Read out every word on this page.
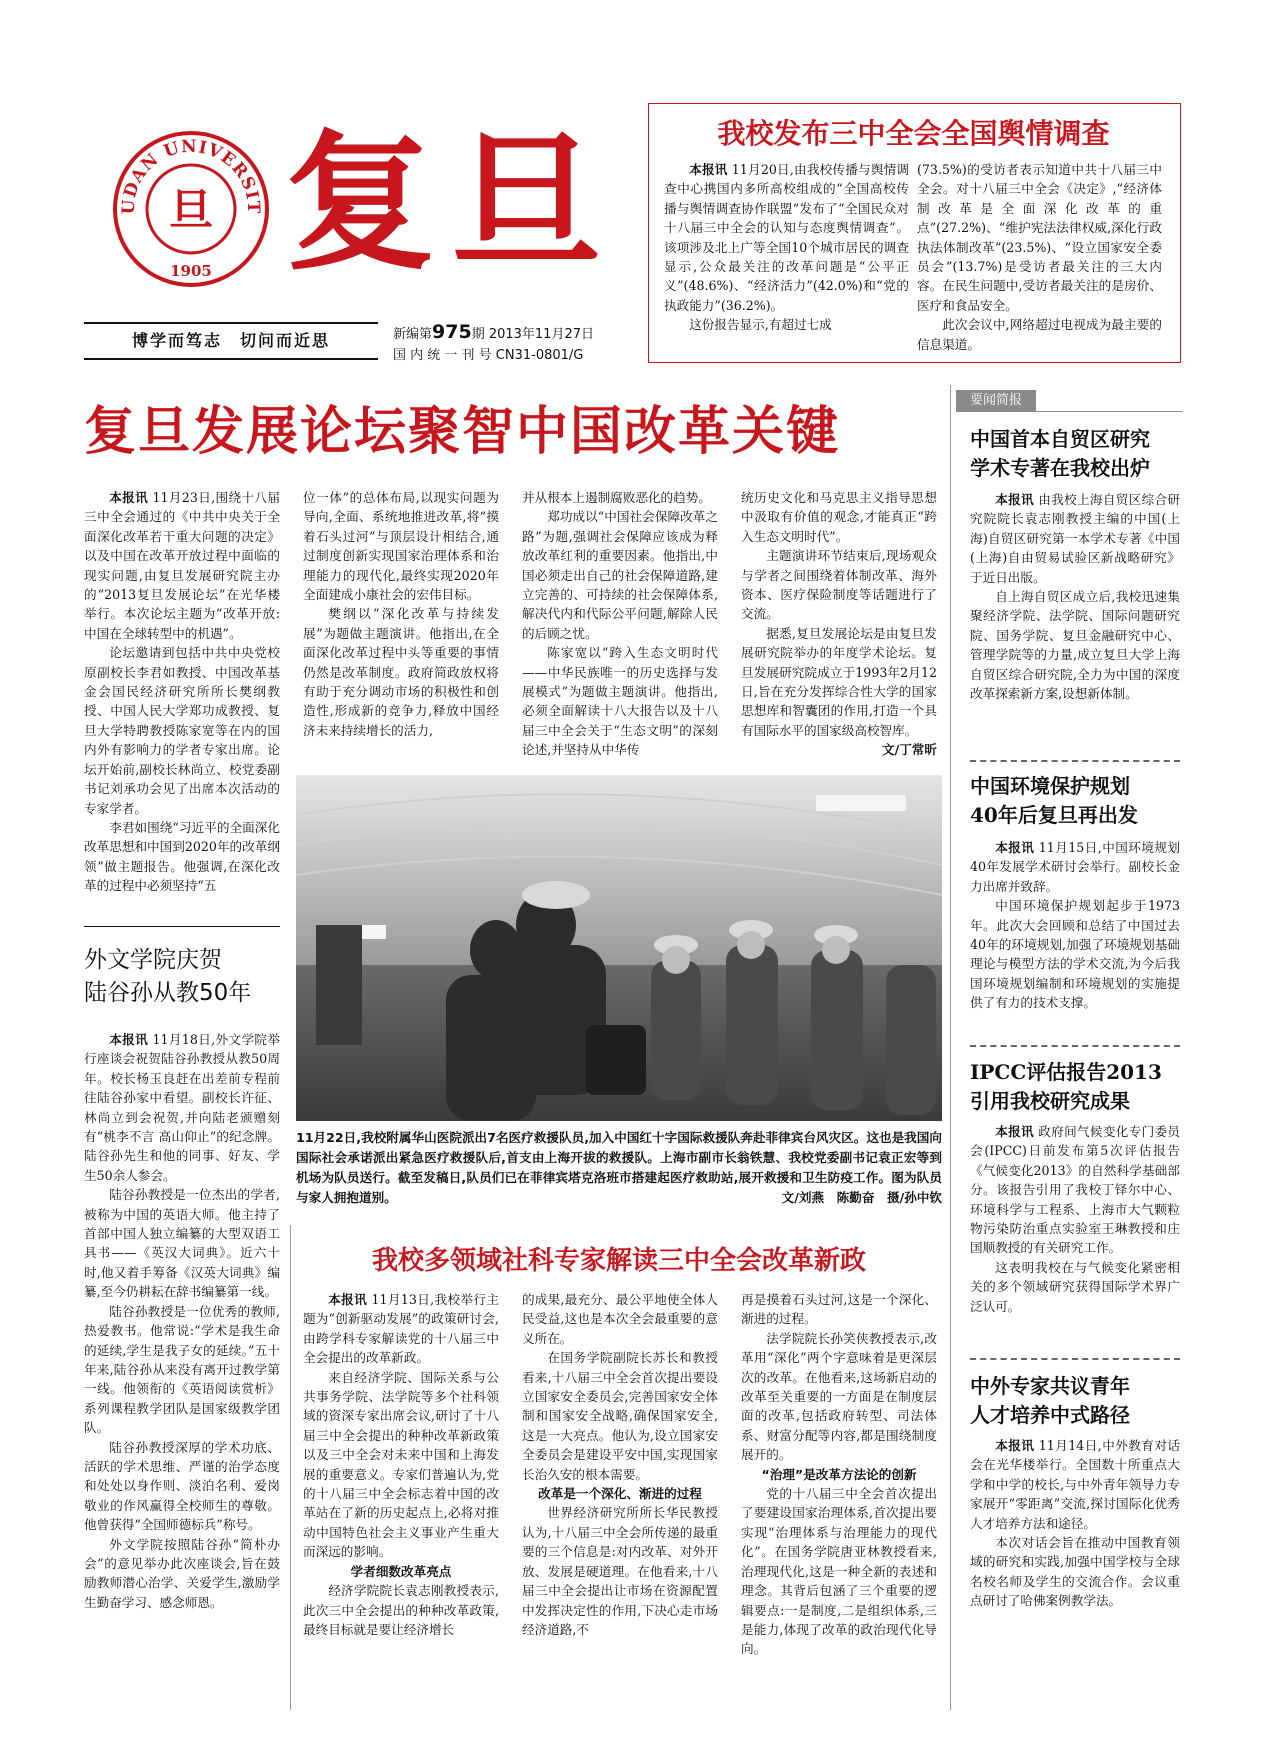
UDAN UNIVERSIT
旦
1905 复旦
博学而笃志　切问而近思	新编第975期 2013年11月27日
国 内 统 一 刊 号 CN31-0801/G
我校发布三中全会全国舆情调查

本报讯 11月20日,由我校传播与舆情调查中心携国内多所高校组成的“全国高校传播与舆情调查协作联盟”发布了“全国民众对十八届三中全会的认知与态度舆情调查”。该项涉及北上广等全国10个城市居民的调查显示,公众最关注的改革问题是“公平正义”(48.6%)、“经济活力”(42.0%)和“党的执政能力”(36.2%)。

这份报告显示,有超过七成

(73.5%)的受访者表示知道中共十八届三中全会。对十八届三中全会《决定》,“经济体制改革是全面深化改革的重点”(27.2%)、“维护宪法法律权威,深化行政执法体制改革”(23.5%)、“设立国家安全委员会”(13.7%)是受访者最关注的三大内容。在民生问题中,受访者最关注的是房价、医疗和食品安全。

此次会议中,网络超过电视成为最主要的信息渠道。

复旦发展论坛聚智中国改革关键

本报讯 11月23日,围绕十八届三中全会通过的《中共中央关于全面深化改革若干重大问题的决定》以及中国在改革开放过程中面临的现实问题,由复旦发展研究院主办的“2013复旦发展论坛”在光华楼举行。本次论坛主题为“改革开放:中国在全球转型中的机遇”。

论坛邀请到包括中共中央党校原副校长李君如教授、中国改革基金会国民经济研究所所长樊纲教授、中国人民大学郑功成教授、复旦大学特聘教授陈家宽等在内的国内外有影响力的学者专家出席。论坛开始前,副校长林尚立、校党委副书记刘承功会见了出席本次活动的专家学者。

李君如围绕“习近平的全面深化改革思想和中国到2020年的改革纲领”做主题报告。他强调,在深化改革的过程中必须坚持“五

位一体”的总体布局,以现实问题为导向,全面、系统地推进改革,将“摸着石头过河”与顶层设计相结合,通过制度创新实现国家治理体系和治理能力的现代化,最终实现2020年全面建成小康社会的宏伟目标。

樊纲以“深化改革与持续发展”为题做主题演讲。他指出,在全面深化改革过程中头等重要的事情仍然是改革制度。政府简政放权将有助于充分调动市场的积极性和创造性,形成新的竞争力,释放中国经济未来持续增长的活力,

并从根本上遏制腐败恶化的趋势。

郑功成以“中国社会保障改革之路”为题,强调社会保障应该成为释放改革红利的重要因素。他指出,中国必须走出自己的社会保障道路,建立完善的、可持续的社会保障体系,解决代内和代际公平问题,解除人民的后顾之忧。

陈家宽以“跨入生态文明时代——中华民族唯一的历史选择与发展模式”为题做主题演讲。他指出,必须全面解读十八大报告以及十八届三中全会关于“生态文明”的深刻论述,并坚持从中华传

统历史文化和马克思主义指导思想中汲取有价值的观念,才能真正“跨入生态文明时代”。

主题演讲环节结束后,现场观众与学者之间围绕着体制改革、海外资本、医疗保险制度等话题进行了交流。

据悉,复旦发展论坛是由复旦发展研究院举办的年度学术论坛。复旦发展研究院成立于1993年2月12日,旨在充分发挥综合性大学的国家思想库和智囊团的作用,打造一个具有国际水平的国家级高校智库。

文/丁常昕

11月22日,我校附属华山医院派出7名医疗救援队员,加入中国红十字国际救援队奔赴菲律宾台风灾区。这也是我国向国际社会承诺派出紧急医疗救援队后,首支由上海开拔的救援队。上海市副市长翁铁慧、我校党委副书记袁正宏等到机场为队员送行。截至发稿日,队员们已在菲律宾塔克洛班市搭建起医疗救助站,展开救援和卫生防疫工作。图为队员与家人拥抱道别。	文/刘燕　陈勤奋　摄/孙中钦
外文学院庆贺
陆谷孙从教50年

本报讯 11月18日,外文学院举行座谈会祝贺陆谷孙教授从教50周年。校长杨玉良赶在出差前专程前往陆谷孙家中看望。副校长许征、林尚立到会祝贺,并向陆老颁赠刻有“桃李不言 高山仰止”的纪念牌。陆谷孙先生和他的同事、好友、学生50余人参会。

陆谷孙教授是一位杰出的学者,被称为中国的英语大师。他主持了首部中国人独立编纂的大型双语工具书——《英汉大词典》。近六十时,他又着手筹备《汉英大词典》编纂,至今仍耕耘在辞书编纂第一线。

陆谷孙教授是一位优秀的教师,热爱教书。他常说:“学术是我生命的延续,学生是我子女的延续。”五十年来,陆谷孙从来没有离开过教学第一线。他领衔的《英语阅读赏析》系列课程教学团队是国家级教学团队。

陆谷孙教授深厚的学术功底、活跃的学术思维、严谨的治学态度和处处以身作则、淡泊名利、爱岗敬业的作风赢得全校师生的尊敬。他曾获得“全国师德标兵”称号。

外文学院按照陆谷孙“简朴办会”的意见举办此次座谈会,旨在鼓励教师潜心治学、关爱学生,激励学生勤奋学习、感念师恩。

我校多领域社科专家解读三中全会改革新政

本报讯 11月13日,我校举行主题为“创新驱动发展”的政策研讨会,由跨学科专家解读党的十八届三中全会提出的改革新政。

来自经济学院、国际关系与公共事务学院、法学院等多个社科领域的资深专家出席会议,研讨了十八届三中全会提出的种种改革新政策以及三中全会对未来中国和上海发展的重要意义。专家们普遍认为,党的十八届三中全会标志着中国的改革站在了新的历史起点上,必将对推动中国特色社会主义事业产生重大而深远的影响。

学者细数改革亮点

经济学院院长袁志刚教授表示,此次三中全会提出的种种改革政策,最终目标就是要让经济增长

的成果,最充分、最公平地使全体人民受益,这也是本次全会最重要的意义所在。

在国务学院副院长苏长和教授看来,十八届三中全会首次提出要设立国家安全委员会,完善国家安全体制和国家安全战略,确保国家安全,这是一大亮点。他认为,设立国家安全委员会是建设平安中国,实现国家长治久安的根本需要。

改革是一个深化、渐进的过程

世界经济研究所所长华民教授认为,十八届三中全会所传递的最重要的三个信息是:对内改革、对外开放、发展是硬道理。在他看来,十八届三中全会提出让市场在资源配置中发挥决定性的作用,下决心走市场经济道路,不

再是摸着石头过河,这是一个深化、渐进的过程。

法学院院长孙笑侠教授表示,改革用“深化”两个字意味着是更深层次的改革。在他看来,这场新启动的改革至关重要的一方面是在制度层面的改革,包括政府转型、司法体系、财富分配等内容,都是围绕制度展开的。

“治理”是改革方法论的创新

党的十八届三中全会首次提出了要建设国家治理体系,首次提出要实现“治理体系与治理能力的现代化”。在国务学院唐亚林教授看来,治理现代化,这是一种全新的表述和理念。其背后包涵了三个重要的逻辑要点:一是制度,二是组织体系,三是能力,体现了改革的政治现代化导向。

要闻简报
中国首本自贸区研究
学术专著在我校出炉

本报讯 由我校上海自贸区综合研究院院长袁志刚教授主编的中国(上海)自贸区研究第一本学术专著《中国(上海)自由贸易试验区新战略研究》于近日出版。

自上海自贸区成立后,我校迅速集聚经济学院、法学院、国际问题研究院、国务学院、复旦金融研究中心、管理学院等的力量,成立复旦大学上海自贸区综合研究院,全力为中国的深度改革探索新方案,设想新体制。

中国环境保护规划
40年后复旦再出发

本报讯 11月15日,中国环境规划40年发展学术研讨会举行。副校长金力出席并致辞。

中国环境保护规划起步于1973年。此次大会回顾和总结了中国过去40年的环境规划,加强了环境规划基础理论与模型方法的学术交流,为今后我国环境规划编制和环境规划的实施提供了有力的技术支撑。

IPCC评估报告2013
引用我校研究成果

本报讯 政府间气候变化专门委员会(IPCC)日前发布第5次评估报告《气候变化2013》的自然科学基础部分。该报告引用了我校丁铎尔中心、环境科学与工程系、上海市大气颗粒物污染防治重点实验室王琳教授和庄国顺教授的有关研究工作。

这表明我校在与气候变化紧密相关的多个领域研究获得国际学术界广泛认可。

中外专家共议青年
人才培养中式路径

本报讯 11月14日,中外教育对话会在光华楼举行。全国数十所重点大学和中学的校长,与中外青年领导力专家展开“零距离”交流,探讨国际化优秀人才培养方法和途径。

本次对话会旨在推动中国教育领域的研究和实践,加强中国学校与全球名校名师及学生的交流合作。会议重点研讨了哈佛案例教学法。
